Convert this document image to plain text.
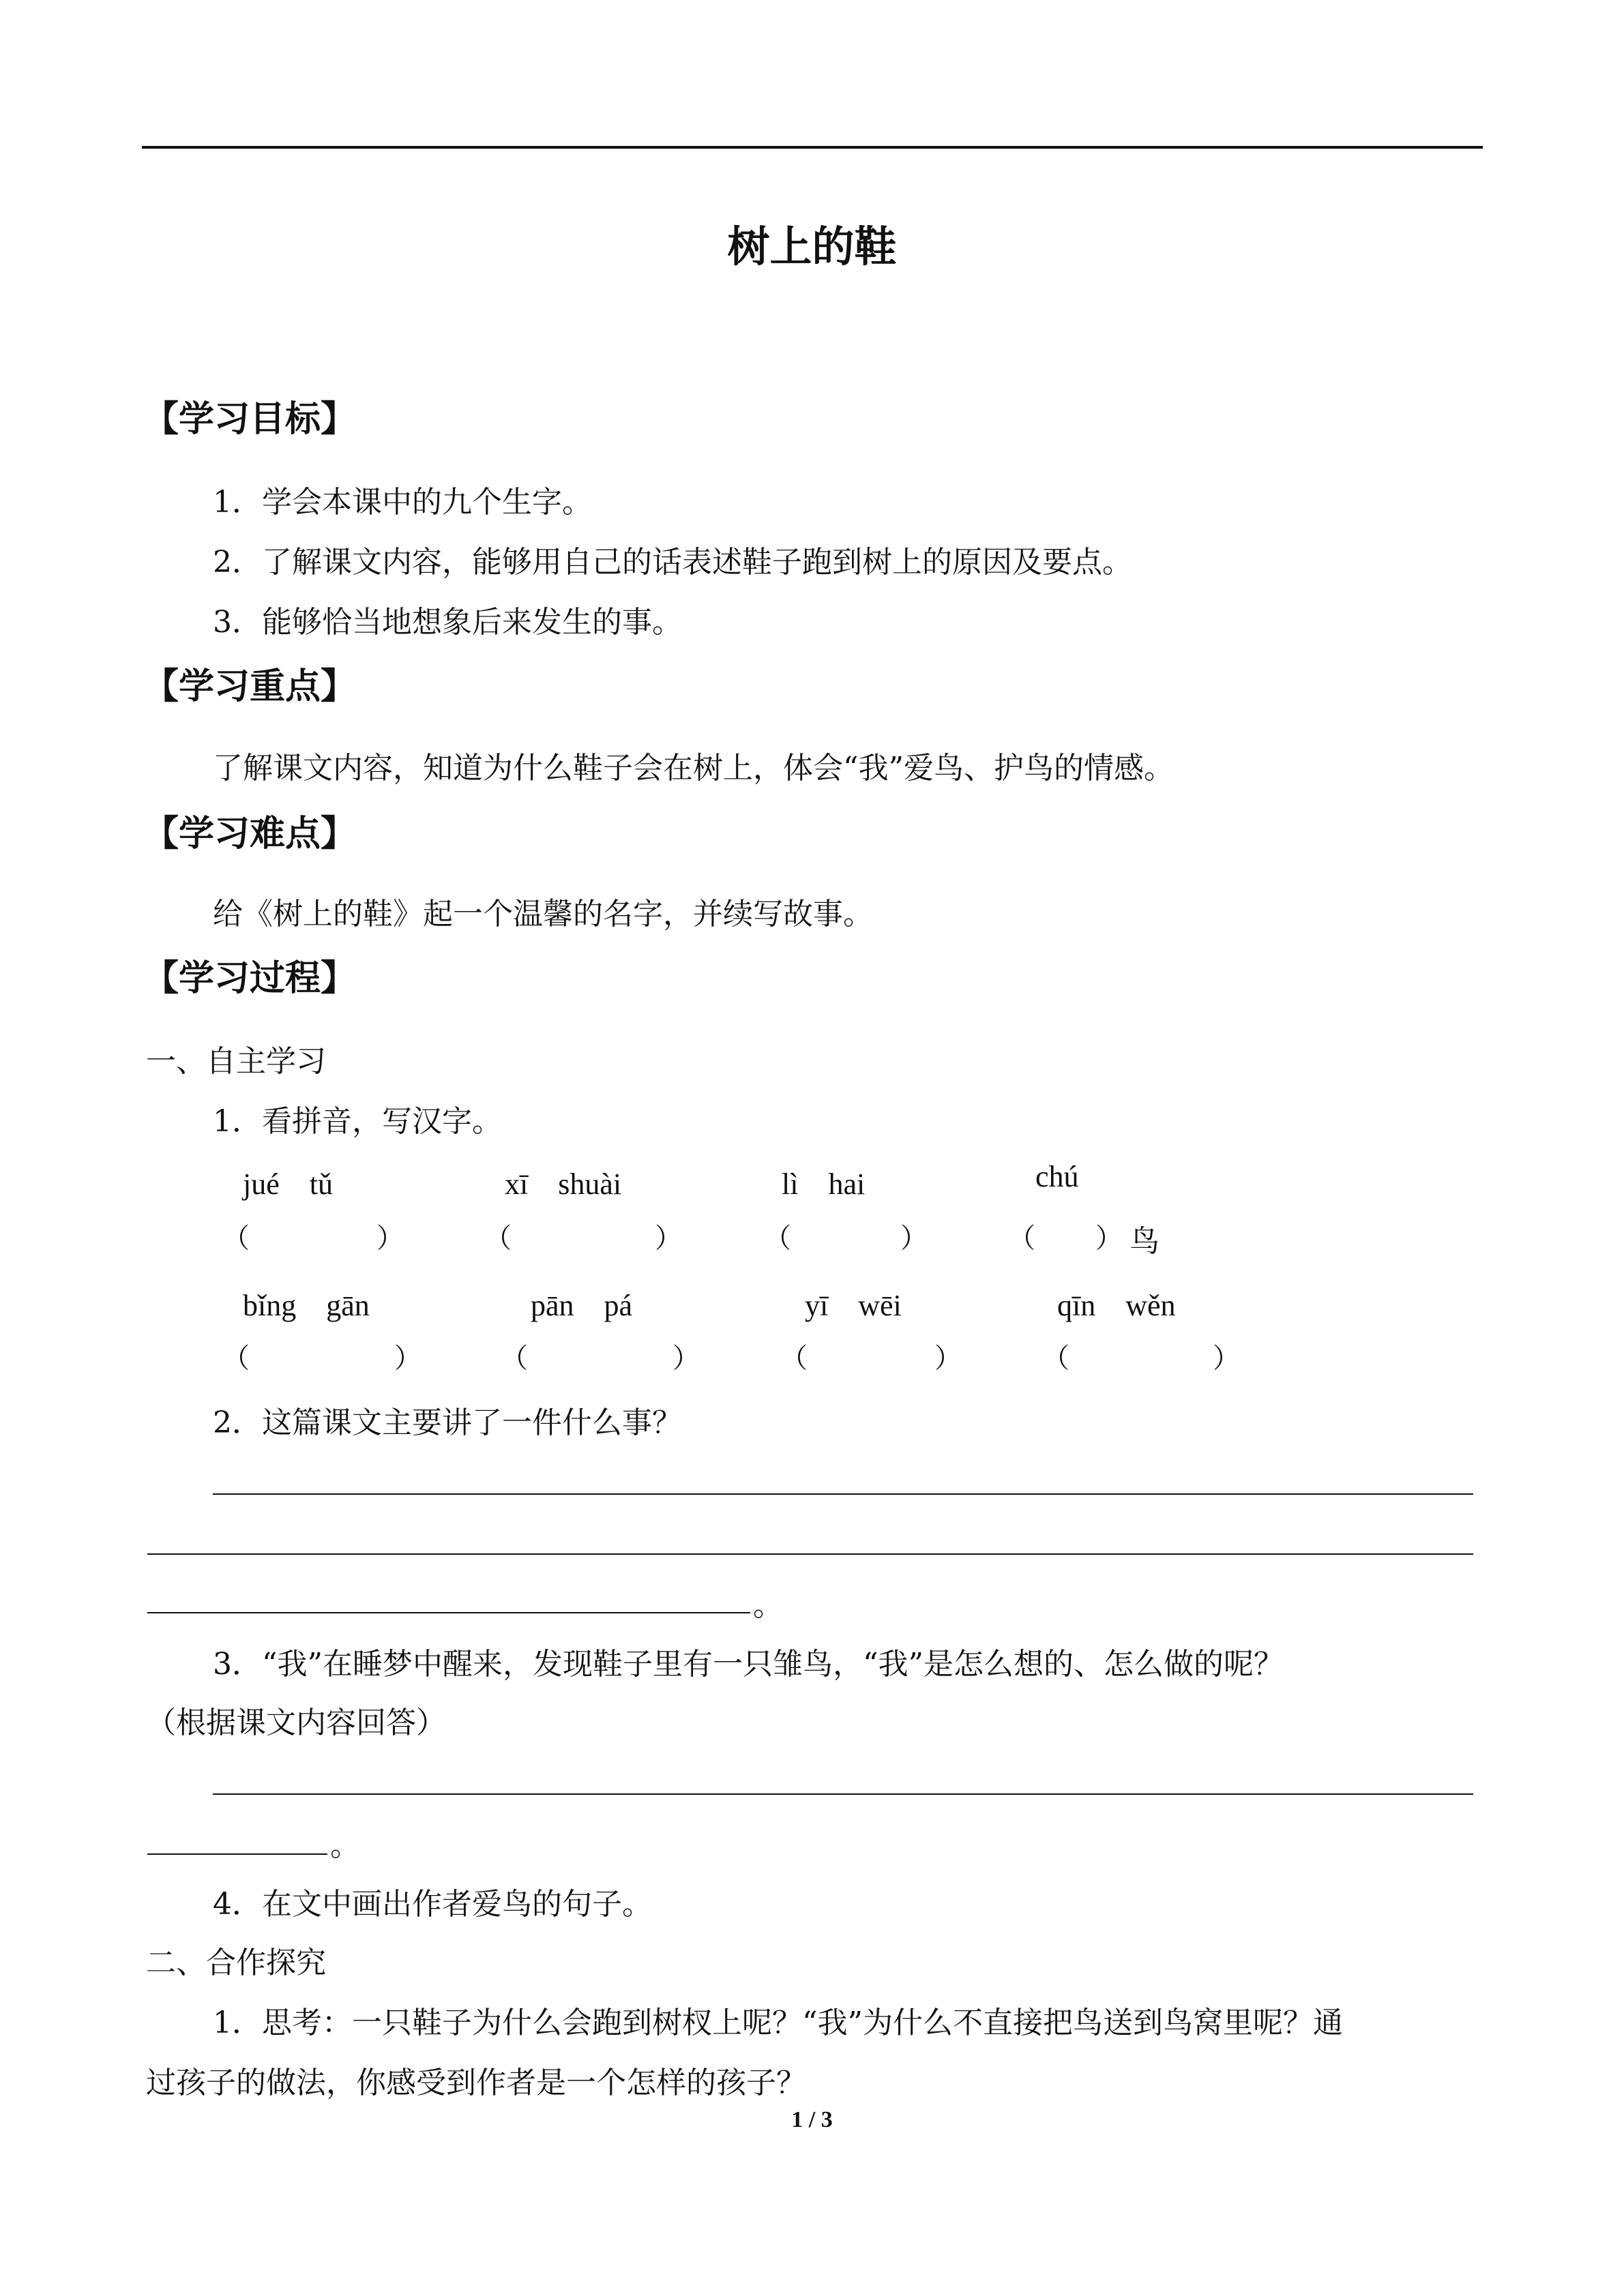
树上的鞋
【学习目标】
1．学会本课中的九个生字。
2．了解课文内容，能够用自己的话表述鞋子跑到树上的原因及要点。
3．能够恰当地想象后来发生的事。
【学习重点】
了解课文内容，知道为什么鞋子会在树上，体会“我”爱鸟、护鸟的情感。
【学习难点】
给《树上的鞋》起一个温馨的名字，并续写故事。
【学习过程】
一、自主学习
1．看拼音，写汉字。
jué　tǔ	xī　shuài	lì　hai	chú
（	）	（	）	（	）	（ ） 鸟
bǐng　gān	pān　pá	yī　wēi	qīn　wěn
（	）	（	）	（	）	（	）
2．这篇课文主要讲了一件什么事？
。
3．“我”在睡梦中醒来，发现鞋子里有一只雏鸟，“我”是怎么想的、怎么做的呢？
（根据课文内容回答）
。
4．在文中画出作者爱鸟的句子。
二、合作探究
1．思考：一只鞋子为什么会跑到树杈上呢？“我”为什么不直接把鸟送到鸟窝里呢？通
过孩子的做法，你感受到作者是一个怎样的孩子？
1 / 3
